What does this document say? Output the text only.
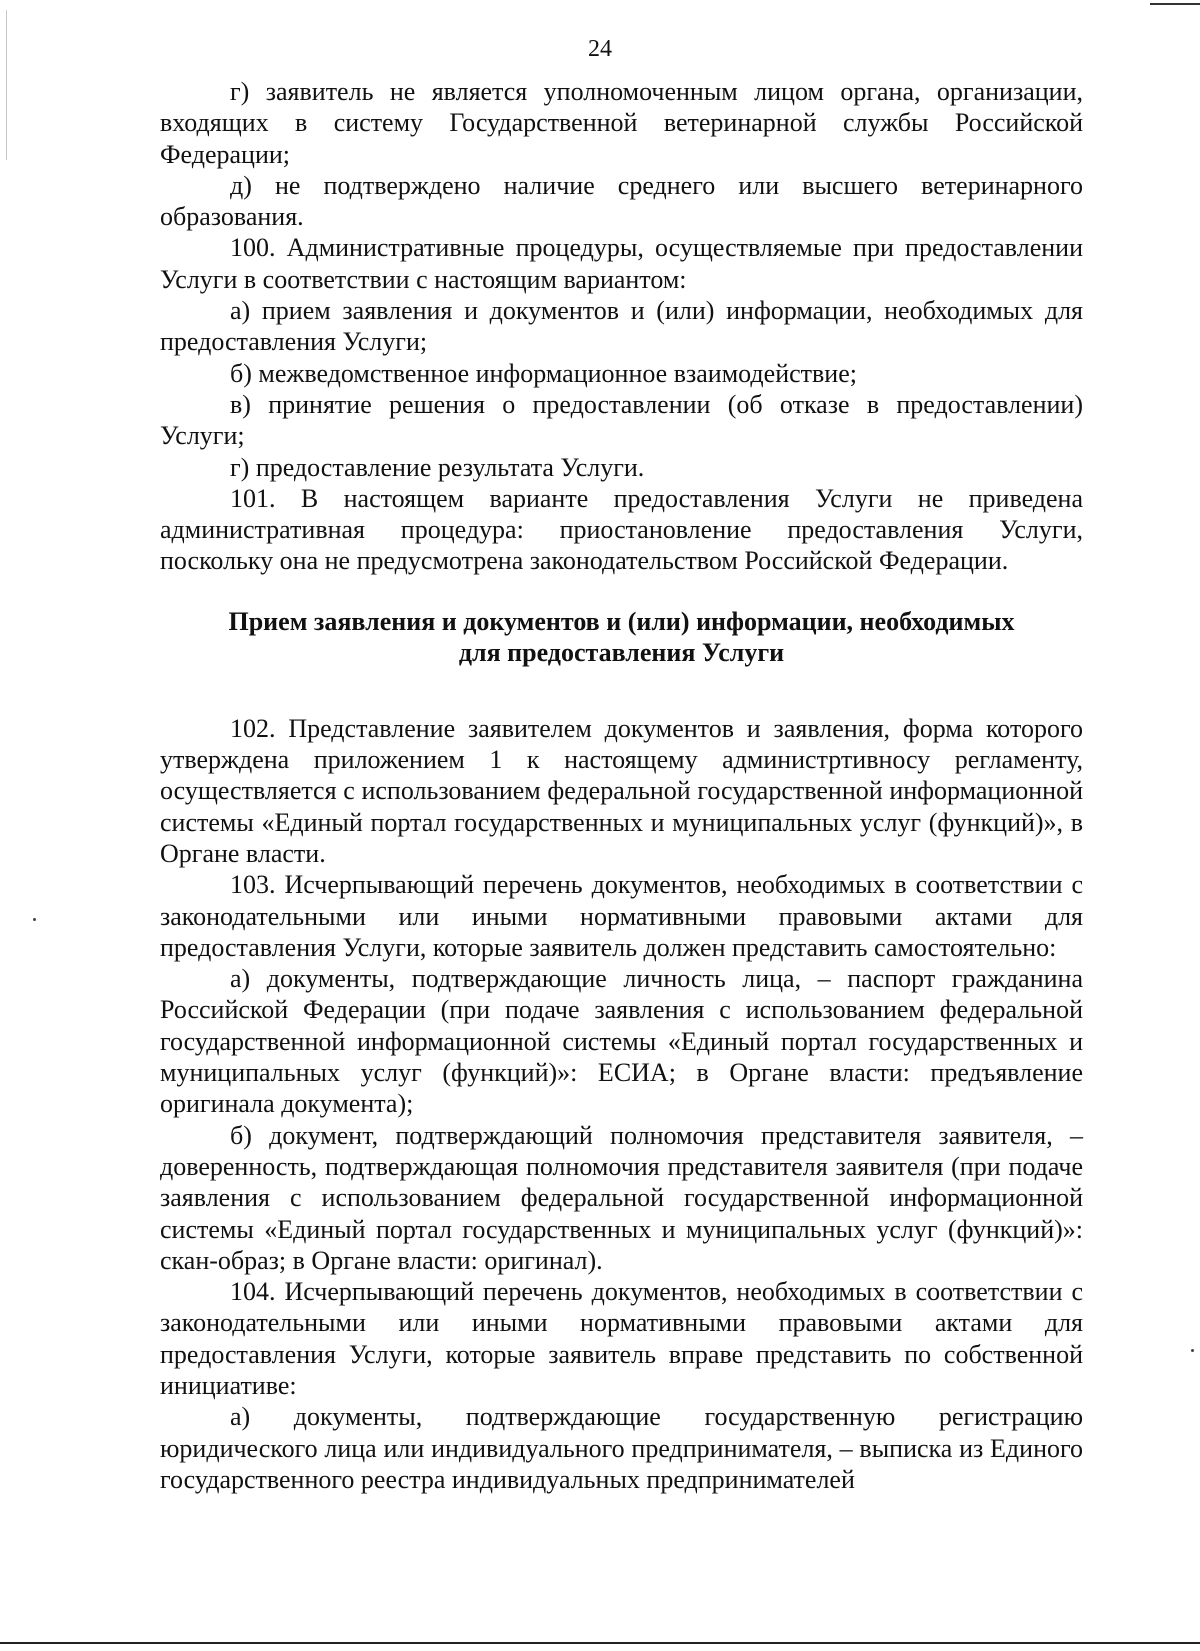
24

г) заявитель не является уполномоченным лицом органа, организации, входящих в систему Государственной ветеринарной службы Российской Федерации;

д) не подтверждено наличие среднего или высшего ветеринарного образования.

100. Административные процедуры, осуществляемые при предоставлении Услуги в соответствии с настоящим вариантом:

а) прием заявления и документов и (или) информации, необходимых для предоставления Услуги;

б) межведомственное информационное взаимодействие;

в) принятие решения о предоставлении (об отказе в предоставлении) Услуги;

г) предоставление результата Услуги.

101. В настоящем варианте предоставления Услуги не приведена административная процедура: приостановление предоставления Услуги, поскольку она не предусмотрена законодательством Российской Федерации.

Прием заявления и документов и (или) информации, необходимых
для предоставления Услуги

102. Представление заявителем документов и заявления, форма которого утверждена приложением 1 к настоящему администртивносу регламенту, осуществляется с использованием федеральной государственной информационной системы «Единый портал государственных и муниципальных услуг (функций)», в Органе власти.

103. Исчерпывающий перечень документов, необходимых в соответствии с законодательными или иными нормативными правовыми актами для предоставления Услуги, которые заявитель должен представить самостоятельно:

а) документы, подтверждающие личность лица, – паспорт гражданина Российской Федерации (при подаче заявления с использованием федеральной государственной информационной системы «Единый портал государственных и муниципальных услуг (функций)»: ЕСИА; в Органе власти: предъявление оригинала документа);

б) документ, подтверждающий полномочия представителя заявителя, – доверенность, подтверждающая полномочия представителя заявителя (при подаче заявления с использованием федеральной государственной информационной системы «Единый портал государственных и муниципальных услуг (функций)»: скан-образ; в Органе власти: оригинал).

104. Исчерпывающий перечень документов, необходимых в соответствии с законодательными или иными нормативными правовыми актами для предоставления Услуги, которые заявитель вправе представить по собственной инициативе:

а) документы, подтверждающие государственную регистрацию юридического лица или индивидуального предпринимателя, – выписка из Единого государственного реестра индивидуальных предпринимателей
